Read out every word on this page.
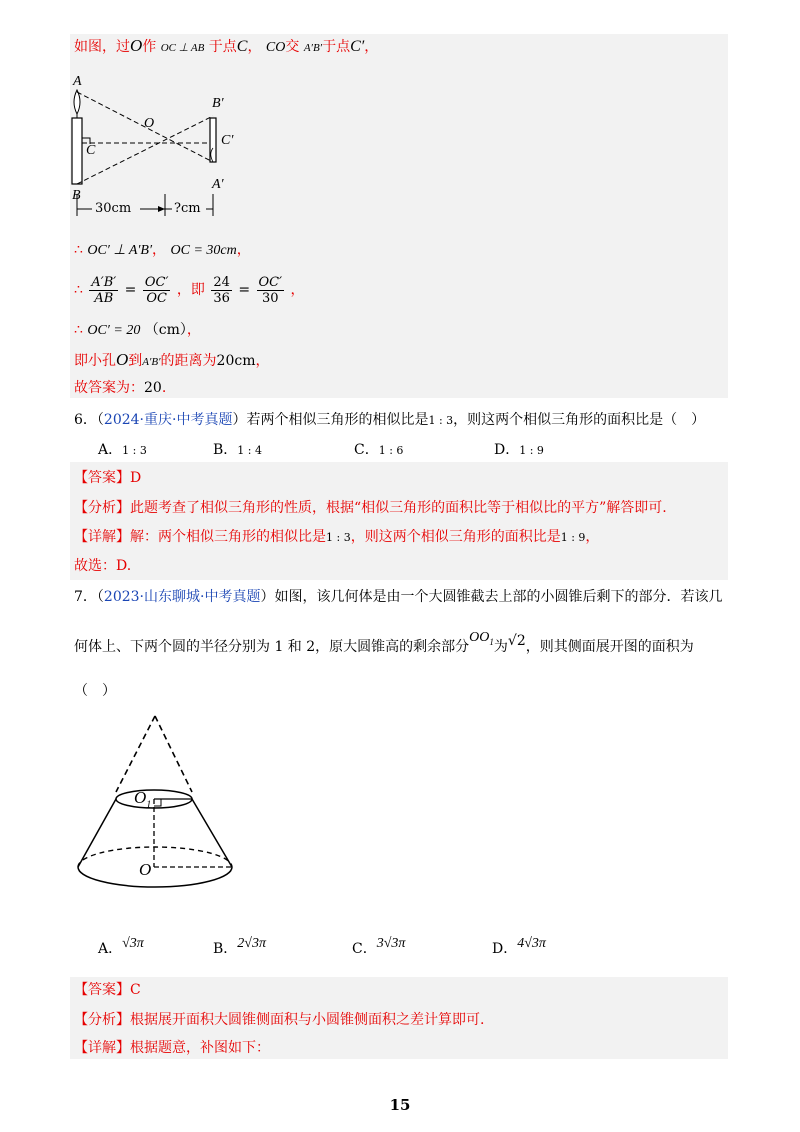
如图，过O作 OC ⊥ AB 于点C， CO交 A′B′于点C′，
A
B
C
O
B′
C′
A′
30cm	?cm
∴ OC′ ⊥ A′B′， OC = 30cm，
∴ $\frac{A'B'}{AB} = \frac{OC'}{OC}$ ，即 $\frac{24}{36} = \frac{OC'}{30}$ ，
∴ OC′ = 20 （cm），
即小孔O到A′B′的距离为20cm，
故答案为：20.
6．（2024·重庆·中考真题）若两个相似三角形的相似比是1 : 3，则这两个相似三角形的面积比是（　）
A．1 : 3	B．1 : 4	C．1 : 6	D．1 : 9
【答案】D
【分析】此题考查了相似三角形的性质，根据“相似三角形的面积比等于相似比的平方”解答即可.
【详解】解：两个相似三角形的相似比是1 : 3，则这两个相似三角形的面积比是1 : 9，
故选：D.
7．（2023·山东聊城·中考真题）如图，该几何体是由一个大圆锥截去上部的小圆锥后剩下的部分．若该几
何体上、下两个圆的半径分别为 1 和 2，原大圆锥高的剩余部分$OO_1$为√2，则其侧面展开图的面积为
（　）
$O_1$
O
A．√3π	B．2√3π	C．3√3π	D．4√3π
【答案】C
【分析】根据展开面积大圆锥侧面积与小圆锥侧面积之差计算即可.
【详解】根据题意，补图如下：
15
